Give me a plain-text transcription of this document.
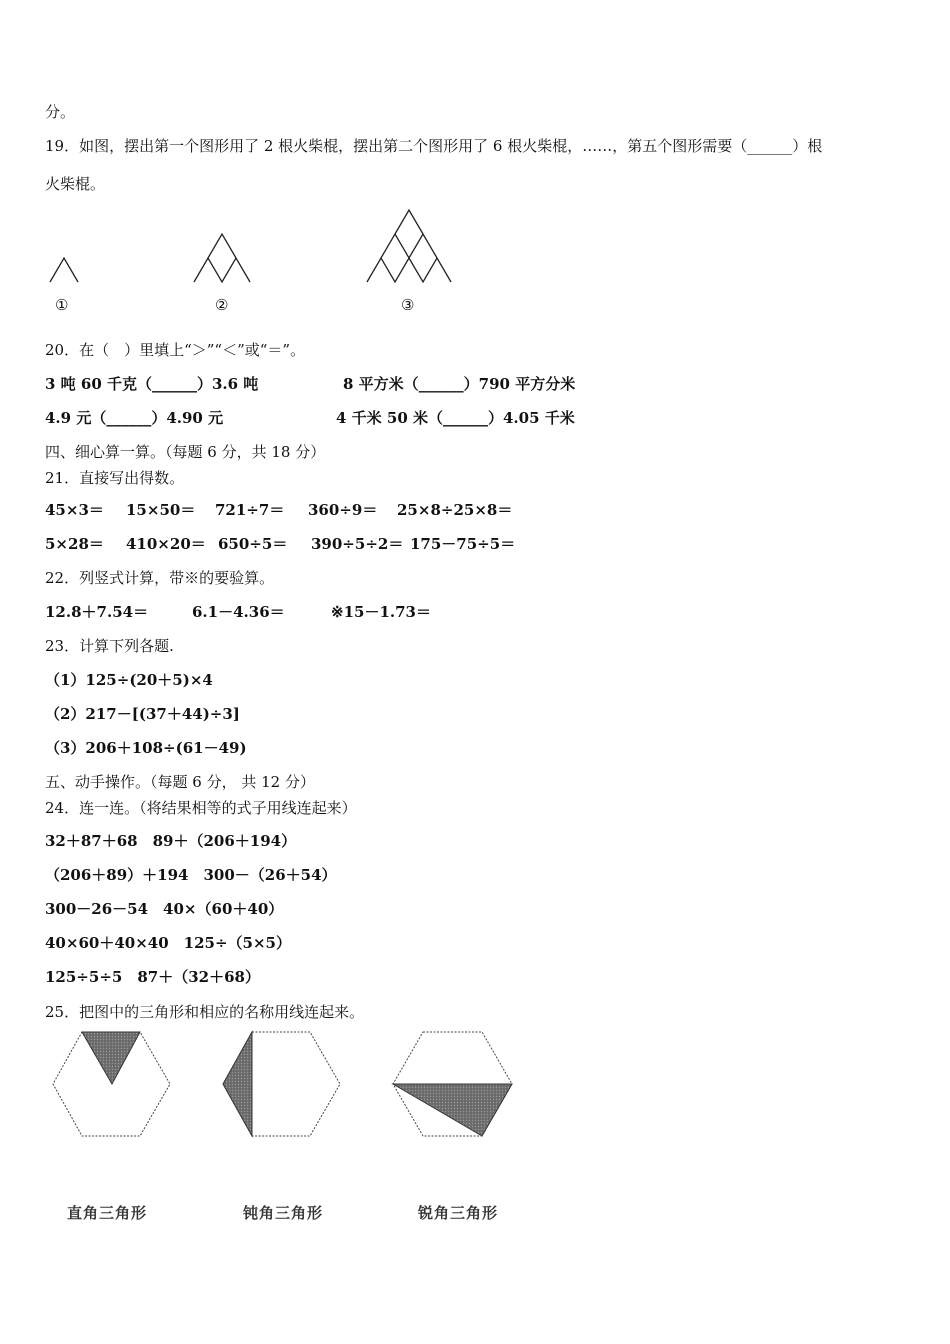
分。
19．如图，摆出第一个图形用了 2 根火柴棍，摆出第二个图形用了 6 根火柴棍，……，第五个图形需要（______）根
火柴棍。
①	②	③
20．在（　）里填上“＞”“＜”或“＝”。
3 吨 60 千克（______）3.6 吨	8 平方米（______）790 平方分米
4.9 元（______）4.90 元	4 千米 50 米（______）4.05 千米
四、细心算一算。（每题 6 分，共 18 分）
21．直接写出得数。
45×3＝ 15×50＝ 721÷7＝ 360÷9＝ 25×8÷25×8＝
5×28＝ 410×20＝ 650÷5＝ 390÷5÷2＝ 175－75÷5＝
22．列竖式计算，带※的要验算。
12.8＋7.54＝	6.1－4.36＝	※15－1.73＝
23．计算下列各题.
（1）125÷(20＋5)×4
（2）217－[(37＋44)÷3]
（3）206＋108÷(61－49)
五、动手操作。（每题 6 分， 共 12 分）
24．连一连。（将结果相等的式子用线连起来）
32＋87＋68　89＋（206＋194）
（206＋89）＋194　300－（26＋54）
300－26－54　40×（60＋40）
40×60＋40×40　125÷（5×5）
125÷5÷5　87＋（32＋68）
25．把图中的三角形和相应的名称用线连起来。
直角三角形	钝角三角形	锐角三角形
